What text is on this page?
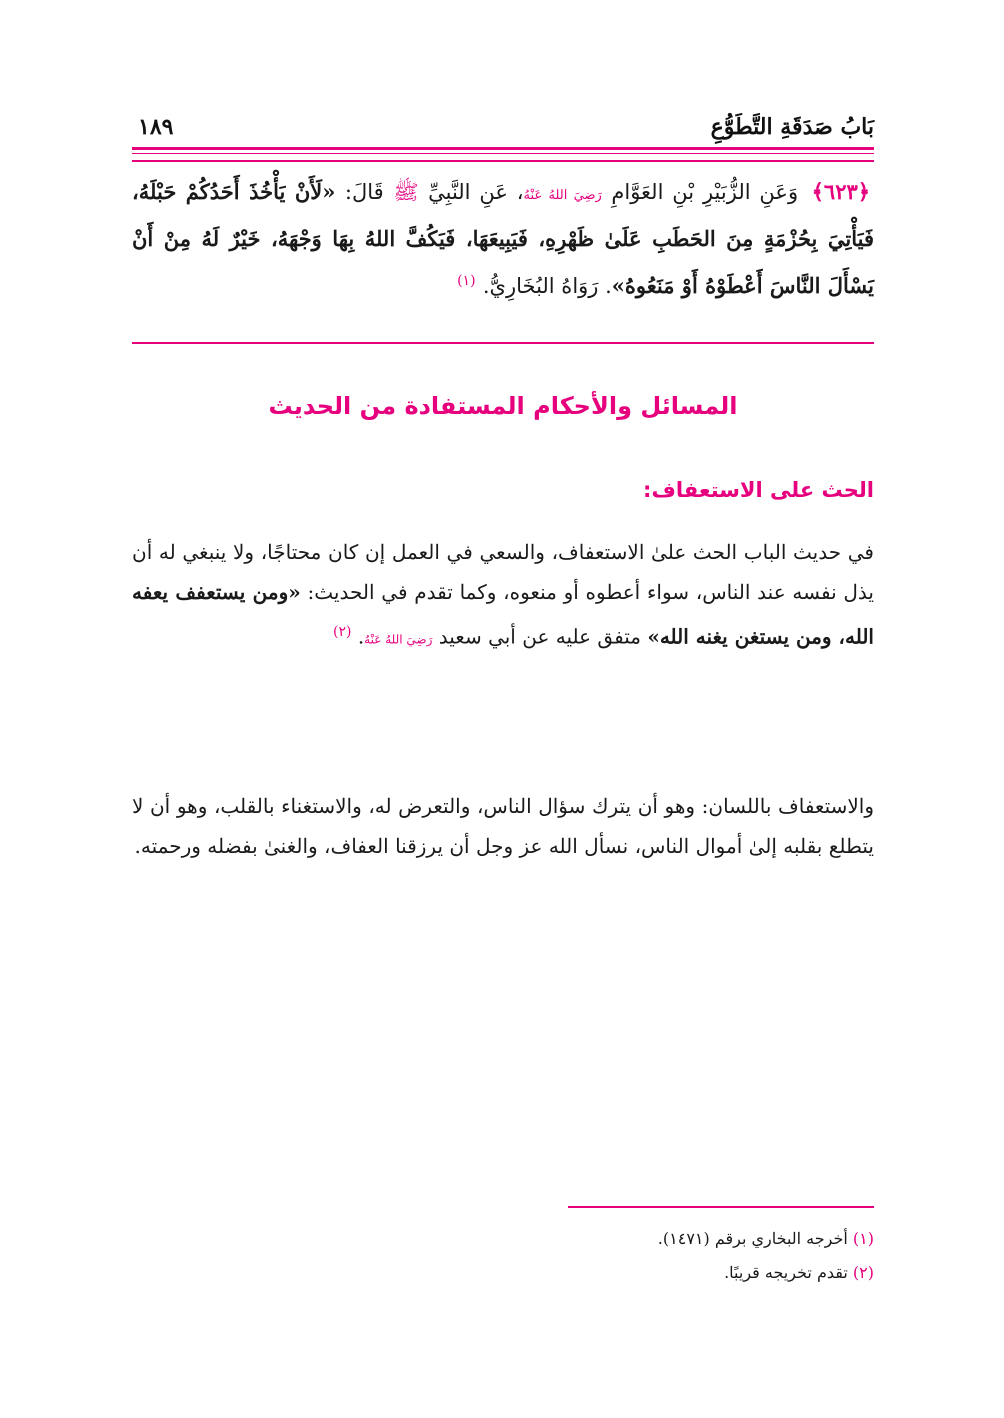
بَابُ صَدَقَةِ التَّطَوُّعِ
١٨٩
﴿٦٢٣﴾ وَعَنِ الزُّبَيْرِ بْنِ العَوَّامِ رَضِيَ اللهُ عَنْهُ، عَنِ النَّبِيِّ ﷺ قَالَ: «لَأَنْ يَأْخُذَ أَحَدُكُمْ حَبْلَهُ، فَيَأْتِيَ بِحُزْمَةٍ مِنَ الحَطَبِ عَلَىٰ ظَهْرِهِ، فَيَبِيعَهَا، فَيَكُفَّ اللهُ بِهَا وَجْهَهُ، خَيْرٌ لَهُ مِنْ أَنْ يَسْأَلَ النَّاسَ أَعْطَوْهُ أَوْ مَنَعُوهُ». رَوَاهُ البُخَارِيُّ. $^{(١)}$
المسائل والأحكام المستفادة من الحديث
الحث على الاستعفاف:
في حديث الباب الحث علىٰ الاستعفاف، والسعي في العمل إن كان محتاجًا، ولا ينبغي له أن يذل نفسه عند الناس، سواء أعطوه أو منعوه، وكما تقدم في الحديث: «ومن يستعفف يعفه الله، ومن يستغن يغنه الله» متفق عليه عن أبي سعيد رَضِيَ اللهُ عَنْهُ. $^{(٢)}$
والاستعفاف باللسان: وهو أن يترك سؤال الناس، والتعرض له، والاستغناء بالقلب، وهو أن لا يتطلع بقلبه إلىٰ أموال الناس، نسأل الله عز وجل أن يرزقنا العفاف، والغنىٰ بفضله ورحمته.
(١) أخرجه البخاري برقم (١٤٧١).
(٢) تقدم تخريجه قريبًا.
